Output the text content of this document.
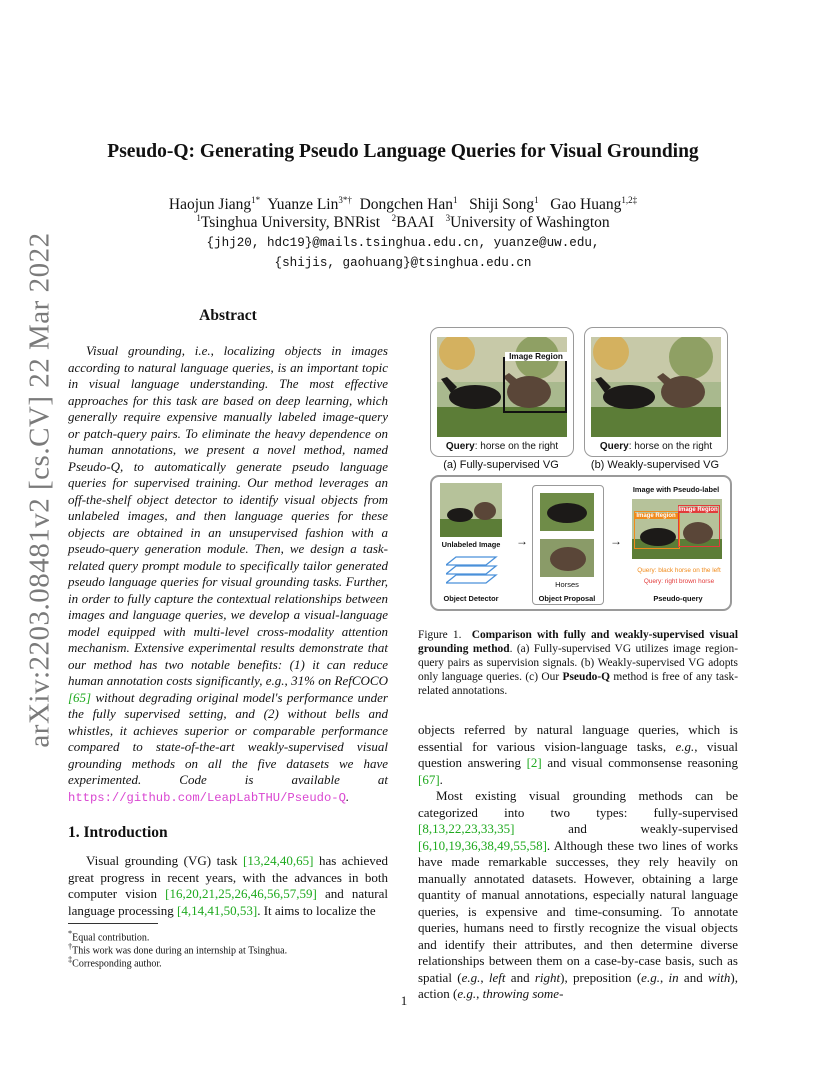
arXiv:2203.08481v2 [cs.CV] 22 Mar 2022
Pseudo-Q: Generating Pseudo Language Queries for Visual Grounding
Haojun Jiang$^{1*}$ Yuanze Lin$^{3*\dagger}$ Dongchen Han$^1$ Shiji Song$^1$ Gao Huang$^{1,2\ddagger}$
$^1$Tsinghua University, BNRist $^2$BAAI $^3$University of Washington
{jhj20, hdc19}@mails.tsinghua.edu.cn, yuanze@uw.edu,
{shijis, gaohuang}@tsinghua.edu.cn
Abstract

Visual grounding, i.e., localizing objects in images according to natural language queries, is an important topic in visual language understanding. The most effective approaches for this task are based on deep learning, which generally require expensive manually labeled image-query or patch-query pairs. To eliminate the heavy dependence on human annotations, we present a novel method, named Pseudo-Q, to automatically generate pseudo language queries for supervised training. Our method leverages an off-the-shelf object detector to identify visual objects from unlabeled images, and then language queries for these objects are obtained in an unsupervised fashion with a pseudo-query generation module. Then, we design a task-related query prompt module to specifically tailor generated pseudo language queries for visual grounding tasks. Further, in order to fully capture the contextual relationships between images and language queries, we develop a visual-language model equipped with multi-level cross-modality attention mechanism. Extensive experimental results demonstrate that our method has two notable benefits: (1) it can reduce human annotation costs significantly, e.g., 31% on RefCOCO [65] without degrading original model's performance under the fully supervised setting, and (2) without bells and whistles, it achieves superior or comparable performance compared to state-of-the-art weakly-supervised visual grounding methods on all the five datasets we have experimented. Code is available at https://github.com/LeapLabTHU/Pseudo-Q.

1. Introduction

Visual grounding (VG) task [13,24,40,65] has achieved great progress in recent years, with the advances in both computer vision [16,20,21,25,26,46,56,57,59] and natural language processing [4,14,41,50,53]. It aims to localize the

*Equal contribution.
†This work was done during an internship at Tsinghua.
‡Corresponding author.
Image Region
Query: horse on the right
(a) Fully-supervised VG
Query: horse on the right
(b) Weakly-supervised VG
Unlabeled Image
Object Detector
→
Horses
Object Proposal
→
Image with Pseudo-label
Image Region
Image Region
Query: black horse on the left
Query: right brown horse
Pseudo-query
Figure 1. Comparison with fully and weakly-supervised visual grounding method. (a) Fully-supervised VG utilizes image region-query pairs as supervision signals. (b) Weakly-supervised VG adopts only language queries. (c) Our Pseudo-Q method is free of any task-related annotations.

objects referred by natural language queries, which is essential for various vision-language tasks, e.g., visual question answering [2] and visual commonsense reasoning [67].

Most existing visual grounding methods can be categorized into two types: fully-supervised [8,13,22,23,33,35] and weakly-supervised [6,10,19,36,38,49,55,58]. Although these two lines of works have made remarkable successes, they rely heavily on manually annotated datasets. However, obtaining a large quantity of manual annotations, especially natural language queries, is expensive and time-consuming. To annotate queries, humans need to firstly recognize the visual objects and identify their attributes, and then determine diverse relationships between them on a case-by-case basis, such as spatial (e.g., left and right), preposition (e.g., in and with), action (e.g., throwing some-

1
